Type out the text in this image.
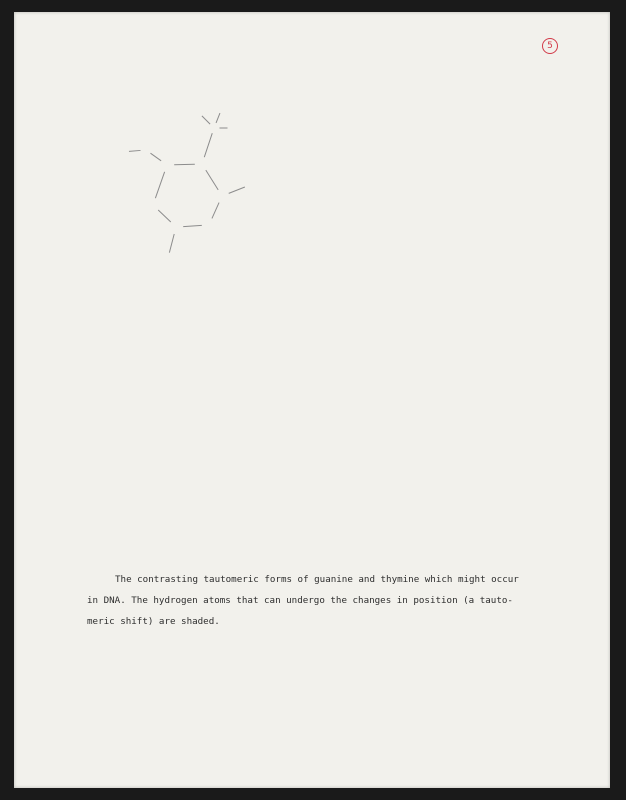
5

The contrasting tautomeric forms of guanine and thymine which might occur

in DNA. The hydrogen atoms that can undergo the changes in position (a tauto-

meric shift) are shaded.
